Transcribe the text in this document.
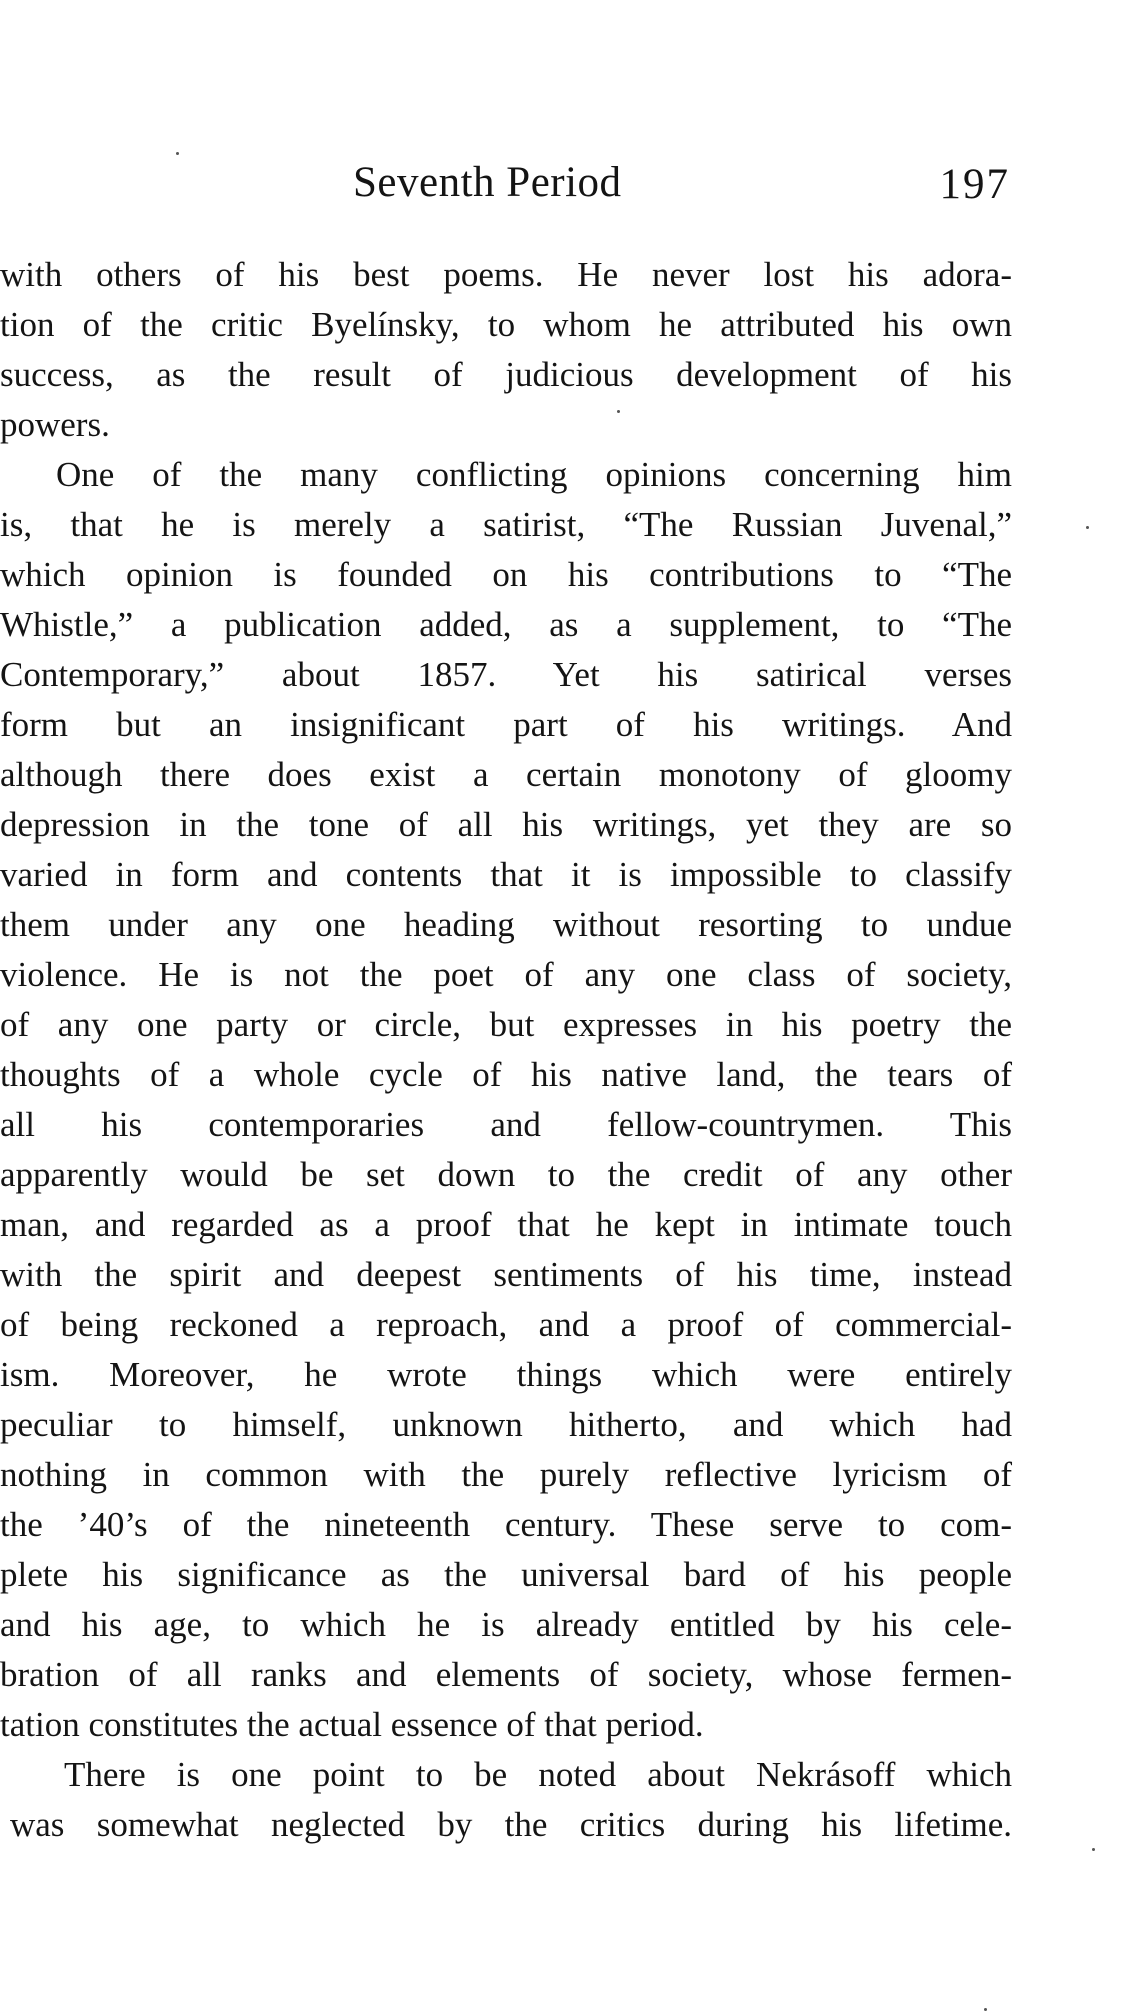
Seventh Period	197
with others of his best poems. He never lost his adora-
tion of the critic Byelínsky, to whom he attributed his own
success, as the result of judicious development of his
powers.
One of the many conflicting opinions concerning him
is, that he is merely a satirist, “The Russian Juvenal,”
which opinion is founded on his contributions to “The
Whistle,” a publication added, as a supplement, to “The
Contemporary,” about 1857. Yet his satirical verses
form but an insignificant part of his writings. And
although there does exist a certain monotony of gloomy
depression in the tone of all his writings, yet they are so
varied in form and contents that it is impossible to classify
them under any one heading without resorting to undue
violence. He is not the poet of any one class of society,
of any one party or circle, but expresses in his poetry the
thoughts of a whole cycle of his native land, the tears of
all his contemporaries and fellow-countrymen. This
apparently would be set down to the credit of any other
man, and regarded as a proof that he kept in intimate touch
with the spirit and deepest sentiments of his time, instead
of being reckoned a reproach, and a proof of commercial-
ism. Moreover, he wrote things which were entirely
peculiar to himself, unknown hitherto, and which had
nothing in common with the purely reflective lyricism of
the ’40’s of the nineteenth century. These serve to com-
plete his significance as the universal bard of his people
and his age, to which he is already entitled by his cele-
bration of all ranks and elements of society, whose fermen-
tation constitutes the actual essence of that period.
There is one point to be noted about Nekrásoff which
was somewhat neglected by the critics during his lifetime.
